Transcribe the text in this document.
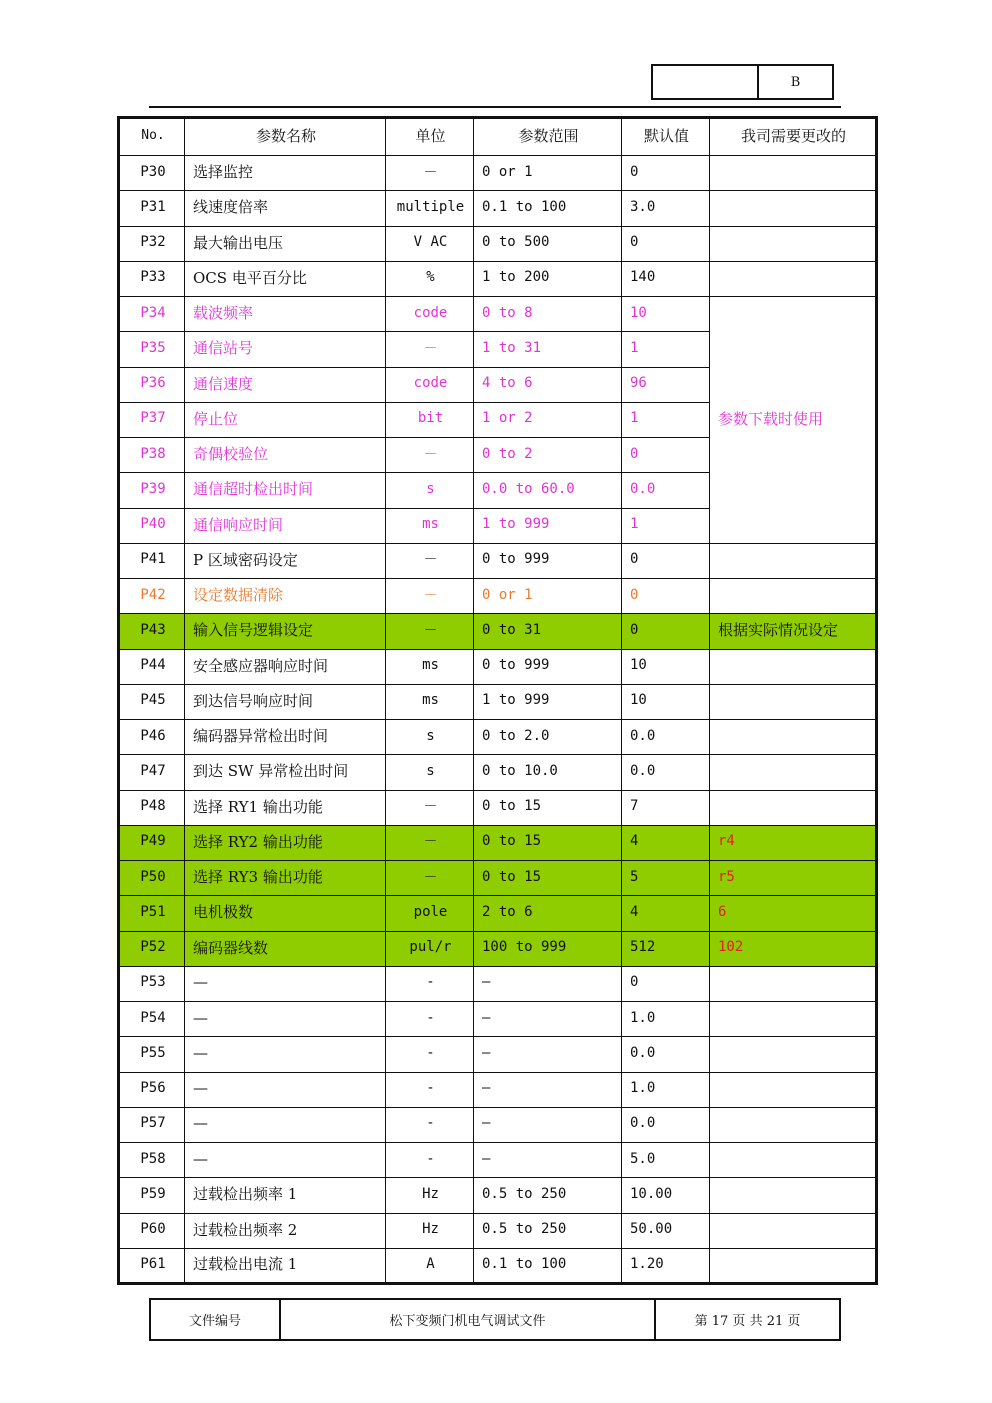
B
No.	参数名称	单位	参数范围	默认值	我司需要更改的
P30	选择监控	－	0 or 1	0	
P31	线速度倍率	multiple	0.1 to 100	3.0	
P32	最大输出电压	V AC	0 to 500	0	
P33	OCS 电平百分比	%	1 to 200	140	
P34	载波频率	code	0 to 8	10	参数下载时使用
P35	通信站号	－	1 to 31	1	
P36	通信速度	code	4 to 6	96	
P37	停止位	bit	1 or 2	1	
P38	奇偶校验位	－	0 to 2	0	
P39	通信超时检出时间	s	0.0 to 60.0	0.0	
P40	通信响应时间	ms	1 to 999	1	
P41	P 区域密码设定	－	0 to 999	0	
P42	设定数据清除	－	0 or 1	0	
P43	输入信号逻辑设定	－	0 to 31	0	根据实际情况设定
P44	安全感应器响应时间	ms	0 to 999	10	
P45	到达信号响应时间	ms	1 to 999	10	
P46	编码器异常检出时间	s	0 to 2.0	0.0	
P47	到达 SW 异常检出时间	s	0 to 10.0	0.0	
P48	选择 RY1 输出功能	－	0 to 15	7	
P49	选择 RY2 输出功能	－	0 to 15	4	r4
P50	选择 RY3 输出功能	－	0 to 15	5	r5
P51	电机极数	pole	2 to 6	4	6
P52	编码器线数	pul/r	100 to 999	512	102
P53	—	-	—	0	
P54	—	-	—	1.0	
P55	—	-	—	0.0	
P56	—	-	—	1.0	
P57	—	-	—	0.0	
P58	—	-	—	5.0	
P59	过载检出频率 1	Hz	0.5 to 250	10.00	
P60	过载检出频率 2	Hz	0.5 to 250	50.00	
P61	过载检出电流 1	A	0.1 to 100	1.20	
文件编号	松下变频门机电气调试文件	第 17 页 共 21 页
